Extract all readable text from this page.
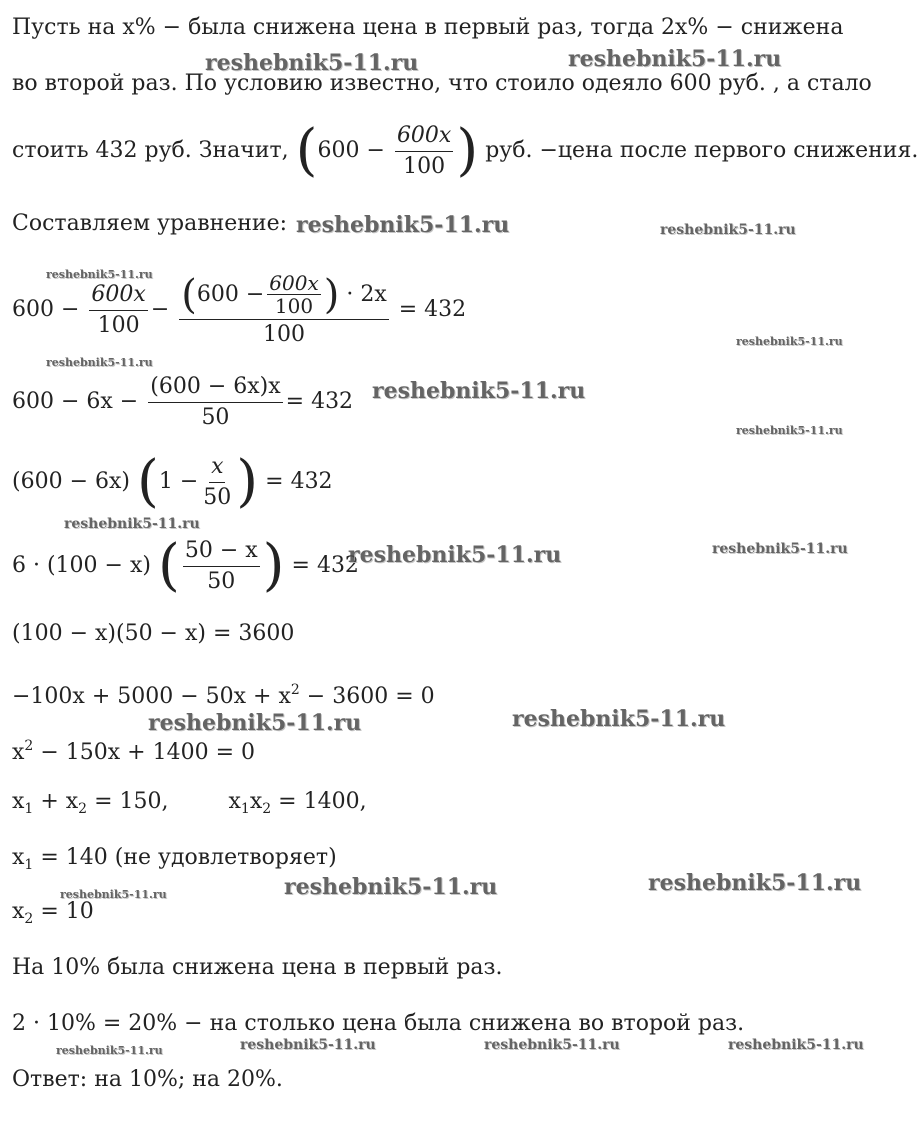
Пусть на x% − была снижена цена в первый раз, тогда 2x% − снижена
во второй раз. По условию известно, что стоило одеяло 600 руб. , а стало
стоить 432 руб. Значит, ($600 - \frac{600x}{100}$ ) руб. −цена после первого снижения.
Составляем уравнение:
$600 - \frac{600x}{100} - \frac{(600 - \frac{600x}{100} ) \cdot 2x}{100} = 432$
$600 - 6x - \frac{(600 - 6x)x}{50} = 432$
(600 − 6x) ($1 - \frac{x}{50}$ ) = 432
6 · (100 − x) ( $\frac{50 - x}{50}$ ) = 432
(100 − x)(50 − x) = 3600
$-100x + 5000 - 50x + x^2 - 3600 = 0$
$x^2 - 150x + 1400 = 0$
$x_1 + x_2 = 150$,	$x_1x_2 = 1400$,
$x_1 = 140$ (не удовлетворяет)
$x_2 = 10$
На 10% была снижена цена в первый раз.
2 · 10% = 20% − на столько цена была снижена во второй раз.
Ответ: на 10%; на 20%.
reshebnik5-11.ru	reshebnik5-11.ru
reshebnik5-11.ru	reshebnik5-11.ru
reshebnik5-11.ru
reshebnik5-11.ru
reshebnik5-11.ru
reshebnik5-11.ru
reshebnik5-11.ru
reshebnik5-11.ru
reshebnik5-11.ru	reshebnik5-11.ru
reshebnik5-11.ru	reshebnik5-11.ru
reshebnik5-11.ru	reshebnik5-11.ru
reshebnik5-11.ru
reshebnik5-11.ru	reshebnik5-11.ru	reshebnik5-11.ru	reshebnik5-11.ru
